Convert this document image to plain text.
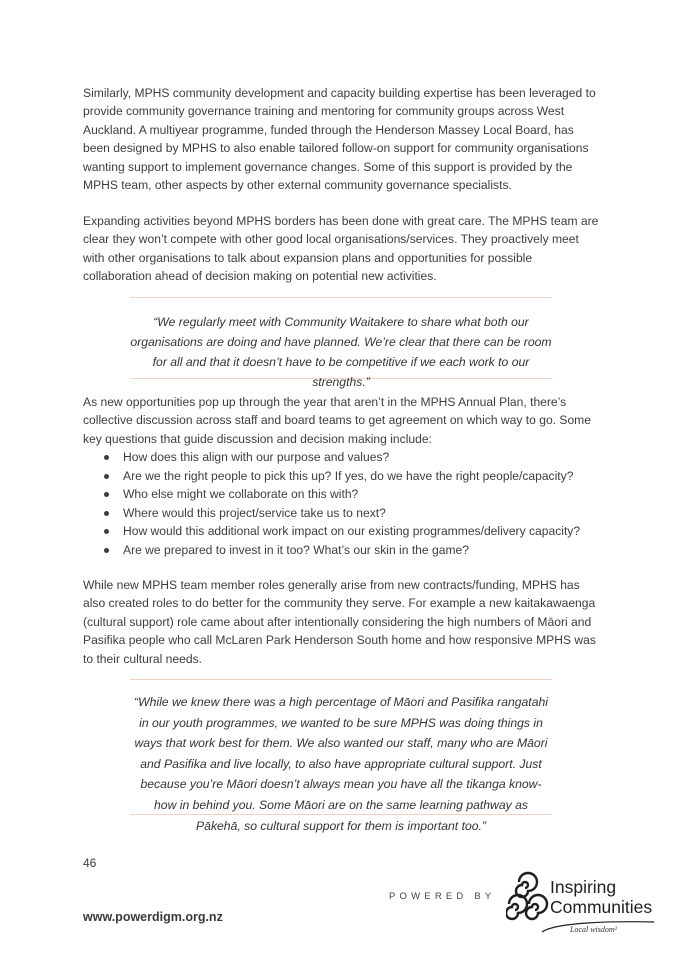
Similarly, MPHS community development and capacity building expertise has been leveraged to provide community governance training and mentoring for community groups across West Auckland. A multiyear programme, funded through the Henderson Massey Local Board, has been designed by MPHS to also enable tailored follow-on support for community organisations wanting support to implement governance changes. Some of this support is provided by the MPHS team, other aspects by other external community governance specialists.

Expanding activities beyond MPHS borders has been done with great care. The MPHS team are clear they won’t compete with other good local organisations/services. They proactively meet with other organisations to talk about expansion plans and opportunities for possible collaboration ahead of decision making on potential new activities.

“We regularly meet with Community Waitakere to share what both our organisations are doing and have planned. We’re clear that there can be room for all and that it doesn’t have to be competitive if we each work to our strengths.”

As new opportunities pop up through the year that aren’t in the MPHS Annual Plan, there’s collective discussion across staff and board teams to get agreement on which way to go. Some key questions that guide discussion and decision making include:

How does this align with our purpose and values?
Are we the right people to pick this up? If yes, do we have the right people/capacity?
Who else might we collaborate on this with?
Where would this project/service take us to next?
How would this additional work impact on our existing programmes/delivery capacity?
Are we prepared to invest in it too? What’s our skin in the game?

While new MPHS team member roles generally arise from new contracts/funding, MPHS has also created roles to do better for the community they serve. For example a new kaitakawaenga (cultural support) role came about after intentionally considering the high numbers of Māori and Pasifika people who call McLaren Park Henderson South home and how responsive MPHS was to their cultural needs.

“While we knew there was a high percentage of Māori and Pasifika rangatahi in our youth programmes, we wanted to be sure MPHS was doing things in ways that work best for them. We also wanted our staff, many who are Māori and Pasifika and live locally, to also have appropriate cultural support. Just because you’re Māori doesn’t always mean you have all the tikanga know-how in behind you. Some Māori are on the same learning pathway as Pākehā, so cultural support for them is important too.”

46
www.powerdigm.org.nz
POWERED BY	Inspiring
Communities
Local wisdom²
